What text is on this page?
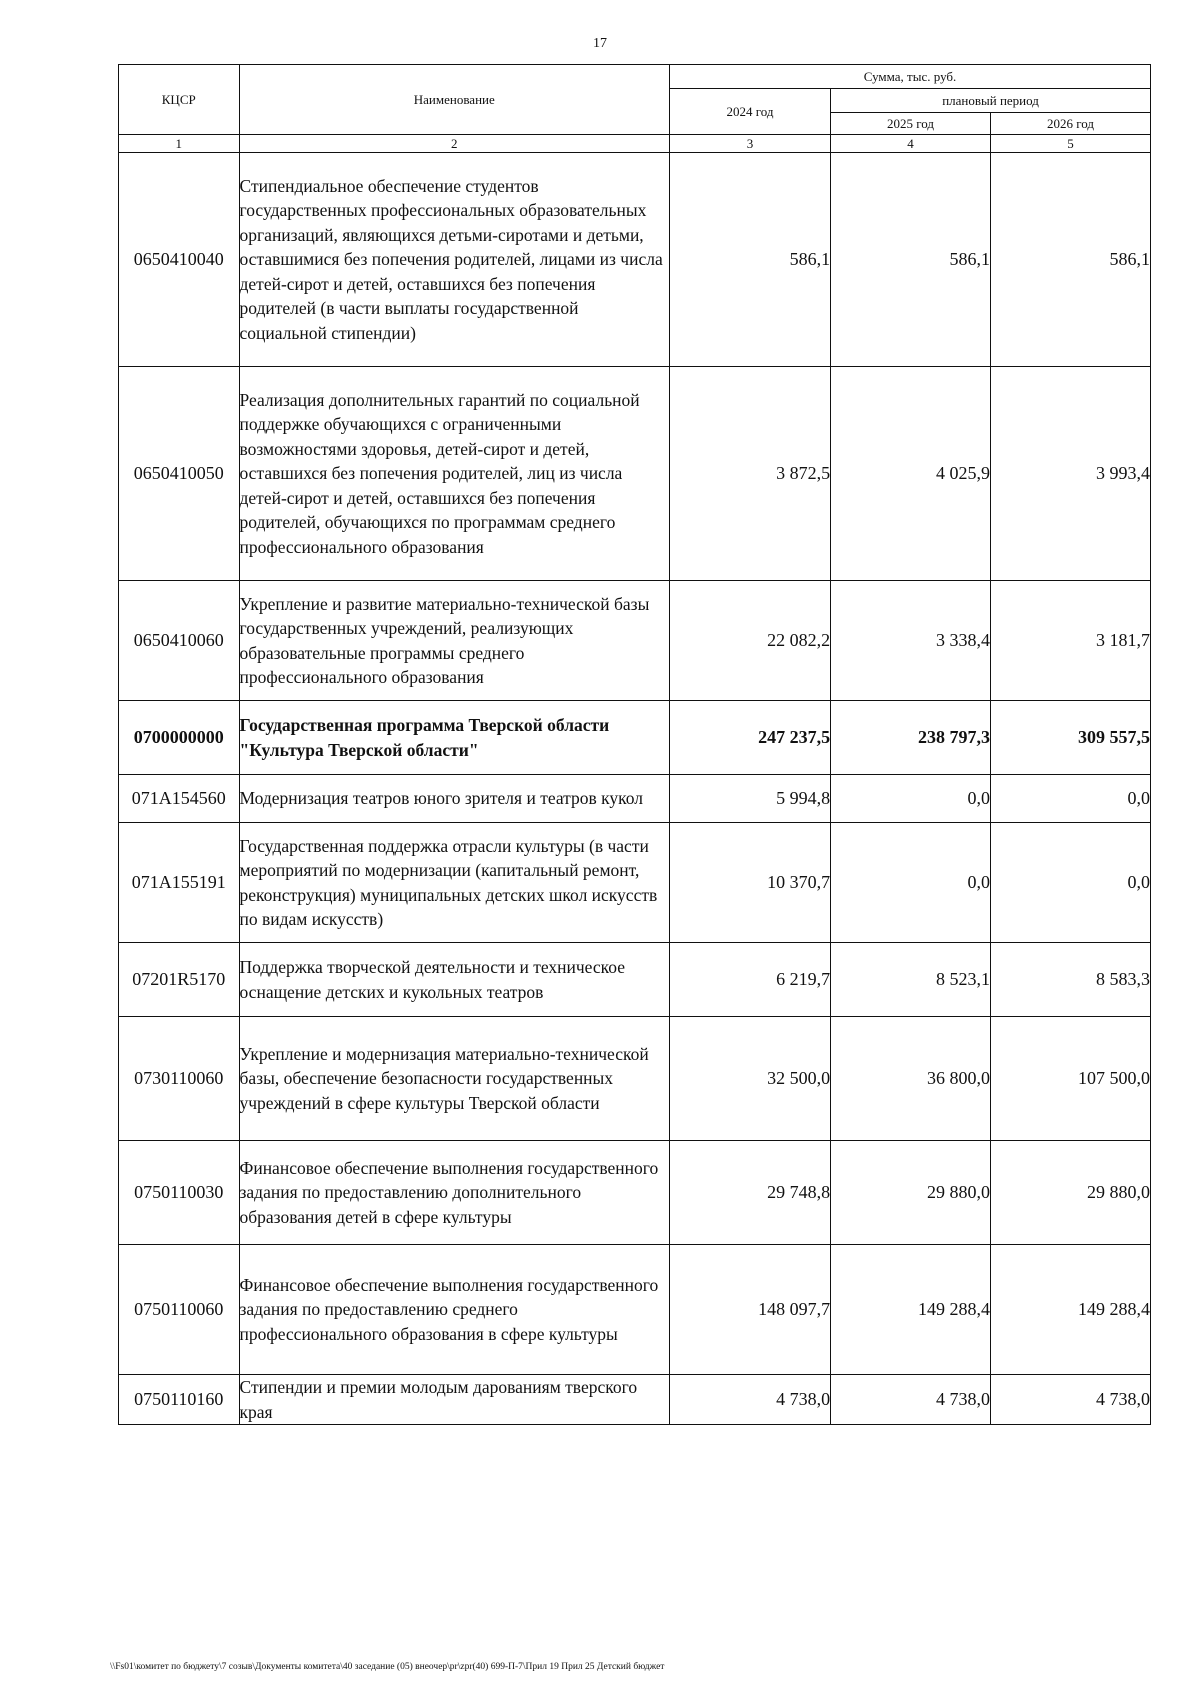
17
КЦСР	Наименование	Сумма, тыс. руб.		
		2024 год	плановый период	
			2025 год	2026 год
1	2	3	4	5
0650410040	Стипендиальное обеспечение студентов государственных профессиональных образовательных организаций, являющихся детьми-сиротами и детьми, оставшимися без попечения родителей, лицами из числа детей-сирот и детей, оставшихся без попечения родителей (в части выплаты государственной социальной стипендии)	586,1	586,1	586,1
0650410050	Реализация дополнительных гарантий по социальной поддержке обучающихся с ограниченными возможностями здоровья, детей-сирот и детей, оставшихся без попечения родителей, лиц из числа детей-сирот и детей, оставшихся без попечения родителей, обучающихся по программам среднего профессионального образования	3 872,5	4 025,9	3 993,4
0650410060	Укрепление и развитие материально-технической базы государственных учреждений, реализующих образовательные программы среднего профессионального образования	22 082,2	3 338,4	3 181,7
0700000000	Государственная программа Тверской области "Культура Тверской области"	247 237,5	238 797,3	309 557,5
071А154560	Модернизация театров юного зрителя и театров кукол	5 994,8	0,0	0,0
071А155191	Государственная поддержка отрасли культуры (в части мероприятий по модернизации (капитальный ремонт, реконструкция) муниципальных детских школ искусств по видам искусств)	10 370,7	0,0	0,0
07201R5170	Поддержка творческой деятельности и техническое оснащение детских и кукольных театров	6 219,7	8 523,1	8 583,3
0730110060	Укрепление и модернизация материально-технической базы, обеспечение безопасности государственных учреждений в сфере культуры Тверской области	32 500,0	36 800,0	107 500,0
0750110030	Финансовое обеспечение выполнения государственного задания по предоставлению дополнительного образования детей в сфере культуры	29 748,8	29 880,0	29 880,0
0750110060	Финансовое обеспечение выполнения государственного задания по предоставлению среднего профессионального образования в сфере культуры	148 097,7	149 288,4	149 288,4
0750110160	Стипендии и премии молодым дарованиям тверского края	4 738,0	4 738,0	4 738,0
\\Fs01\комитет по бюджету\7 созыв\Документы комитета\40 заседание (05) внеочер\pr\zpr(40) 699-П-7\Прил 19 Прил 25 Детский бюджет
